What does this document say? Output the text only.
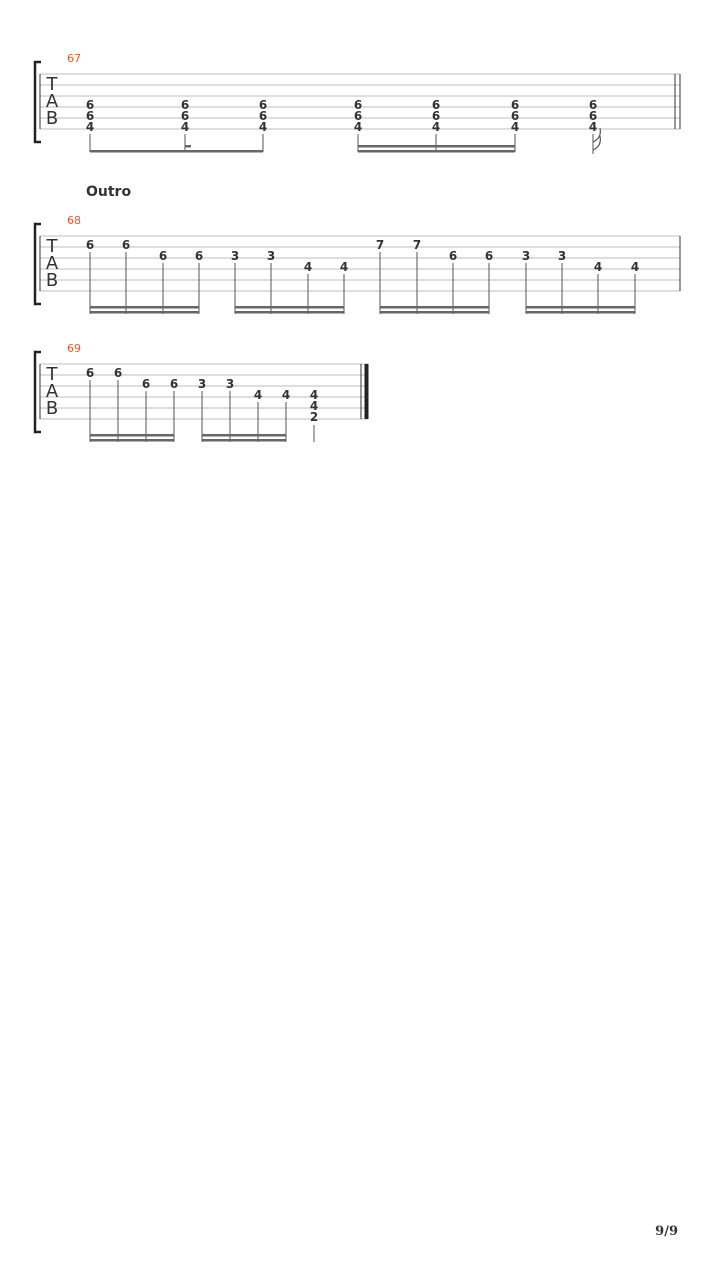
T
A
B
67
6
6
4
6
6
4
6
6
4
6
6
4
6
6
4
6
6
4
6
6
4
Outro
T
A
B
68
6 6
6 6 3 3
4 4
7 7
6 6 3 3
4 4
T
A
B
69
6 6
6 6 3 3
4 4 4
4
2
9/9
